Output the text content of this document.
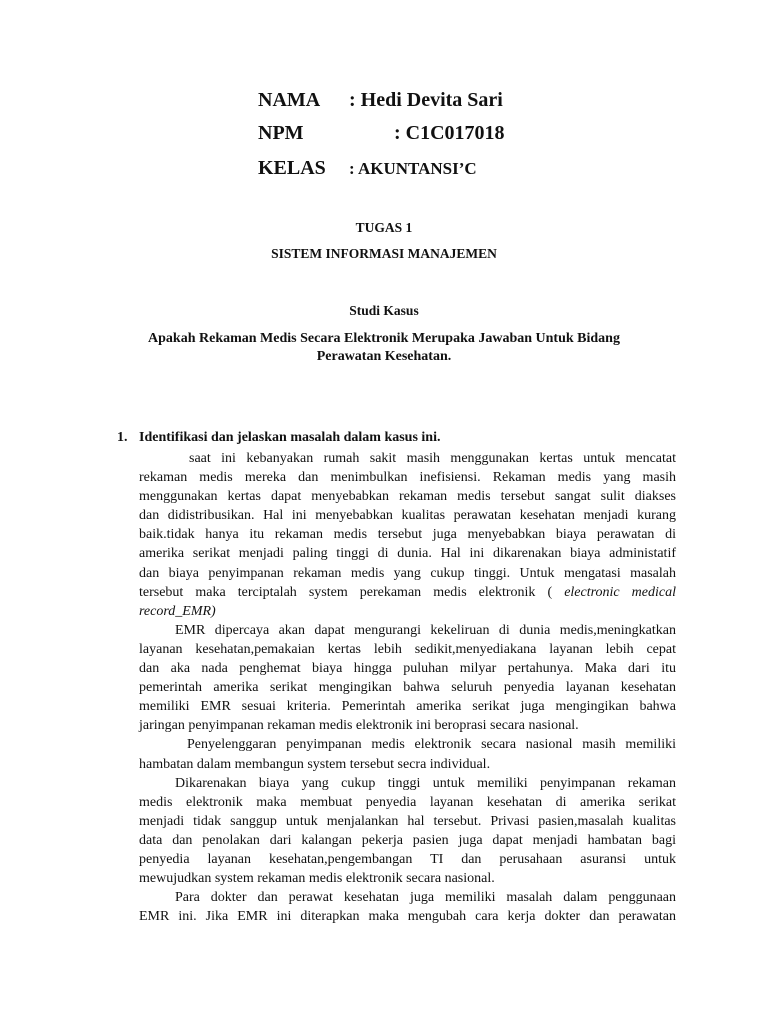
NAMA : Hedi Devita Sari
NPM	: C1C017018
KELAS : AKUNTANSI’C
TUGAS 1
SISTEM INFORMASI MANAJEMEN
Studi Kasus
Apakah Rekaman Medis Secara Elektronik Merupaka Jawaban Untuk Bidang
Perawatan Kesehatan.
1. Identifikasi dan jelaskan masalah dalam kasus ini.
saat ini kebanyakan rumah sakit masih menggunakan kertas untuk mencatat
rekaman medis mereka dan menimbulkan inefisiensi. Rekaman medis yang masih
menggunakan kertas dapat menyebabkan rekaman medis tersebut sangat sulit diakses
dan didistribusikan. Hal ini menyebabkan kualitas perawatan kesehatan menjadi kurang
baik.tidak hanya itu rekaman medis tersebut juga menyebabkan biaya perawatan di
amerika serikat menjadi paling tinggi di dunia. Hal ini dikarenakan biaya administatif
dan biaya penyimpanan rekaman medis yang cukup tinggi. Untuk mengatasi masalah
tersebut maka terciptalah system perekaman medis elektronik ( electronic medical
record_EMR)
EMR dipercaya akan dapat mengurangi kekeliruan di dunia medis,meningkatkan
layanan kesehatan,pemakaian kertas lebih sedikit,menyediakana layanan lebih cepat
dan aka nada penghemat biaya hingga puluhan milyar pertahunya. Maka dari itu
pemerintah amerika serikat mengingikan bahwa seluruh penyedia layanan kesehatan
memiliki EMR sesuai kriteria. Pemerintah amerika serikat juga mengingikan bahwa
jaringan penyimpanan rekaman medis elektronik ini beroprasi secara nasional.
Penyelenggaran penyimpanan medis elektronik secara nasional masih memiliki
hambatan dalam membangun system tersebut secra individual.
Dikarenakan biaya yang cukup tinggi untuk memiliki penyimpanan rekaman
medis elektronik maka membuat penyedia layanan kesehatan di amerika serikat
menjadi tidak sanggup untuk menjalankan hal tersebut. Privasi pasien,masalah kualitas
data dan penolakan dari kalangan pekerja pasien juga dapat menjadi hambatan bagi
penyedia layanan kesehatan,pengembangan TI dan perusahaan asuransi untuk
mewujudkan system rekaman medis elektronik secara nasional.
Para dokter dan perawat kesehatan juga memiliki masalah dalam penggunaan
EMR ini. Jika EMR ini diterapkan maka mengubah cara kerja dokter dan perawatan
